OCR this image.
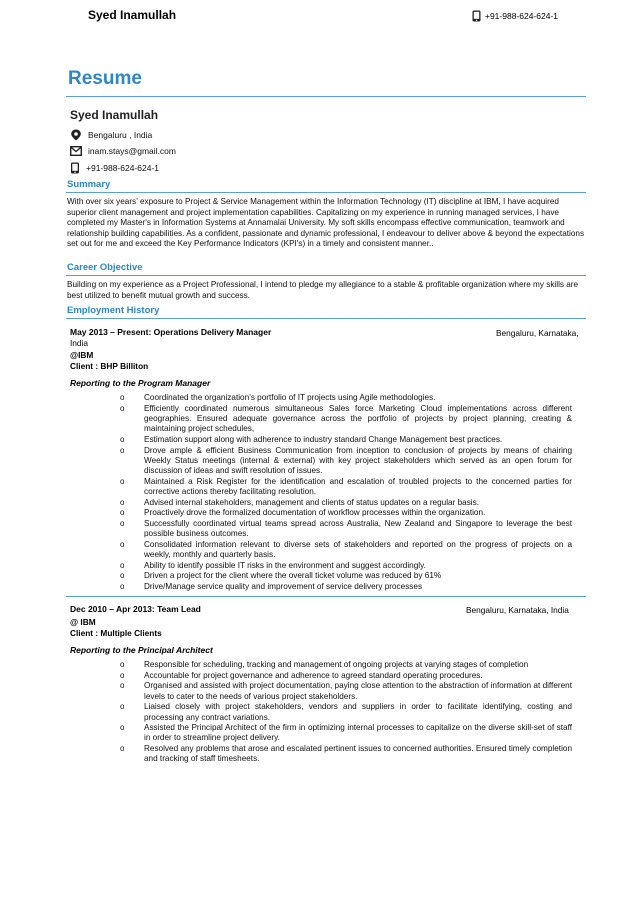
Syed Inamullah	+91-988-624-624-1
Resume
Syed Inamullah
Bengaluru , India
inam.stays@gmail.com
+91-988-624-624-1
Summary

With over six years’ exposure to Project & Service Management within the Information Technology (IT) discipline at IBM, I have acquired superior client management and project implementation capabilities. Capitalizing on my experience in running managed services, I have completed my Master's in Information Systems at Annamalai University. My soft skills encompass effective communication, teamwork and relationship building capabilities. As a confident, passionate and dynamic professional, I endeavour to deliver above & beyond the expectations set out for me and exceed the Key Performance Indicators (KPI's) in a timely and consistent manner..

Career Objective

Building on my experience as a Project Professional, I intend to pledge my allegiance to a stable & profitable organization where my skills are best utilized to benefit mutual growth and success.

Employment History
May 2013 – Present: Operations Delivery Manager	Bengaluru, Karnataka,
India
@IBM
Client : BHP Billiton
Reporting to the Program Manager
o Coordinated the organization’s portfolio of IT projects using Agile methodologies.
o Efficiently coordinated numerous simultaneous Sales force Marketing Cloud implementations across different geographies. Ensured adequate governance across the portfolio of projects by project planning, creating & maintaining project schedules,
o Estimation support along with adherence to industry standard Change Management best practices.
o Drove ample & efficient Business Communication from inception to conclusion of projects by means of chairing Weekly Status meetings (internal & external) with key project stakeholders which served as an open forum for discussion of ideas and swift resolution of issues.
o Maintained a Risk Register for the identification and escalation of troubled projects to the concerned parties for corrective actions thereby facilitating resolution.
o Advised internal stakeholders, management and clients of status updates on a regular basis.
o Proactively drove the formalized documentation of workflow processes within the organization.
o Successfully coordinated virtual teams spread across Australia, New Zealand and Singapore to leverage the best possible business outcomes.
o Consolidated information relevant to diverse sets of stakeholders and reported on the progress of projects on a weekly, monthly and quarterly basis.
o Ability to identify possible IT risks in the environment and suggest accordingly.
o Driven a project for the client where the overall ticket volume was reduced by 61%
o Drive/Manage service quality and improvement of service delivery processes
Dec 2010 – Apr 2013: Team Lead	Bengaluru, Karnataka, India
@ IBM
Client : Multiple Clients
Reporting to the Principal Architect
o Responsible for scheduling, tracking and management of ongoing projects at varying stages of completion
o Accountable for project governance and adherence to agreed standard operating procedures.
o Organised and assisted with project documentation, paying close attention to the abstraction of information at different levels to cater to the needs of various project stakeholders.
o Liaised closely with project stakeholders, vendors and suppliers in order to facilitate identifying, costing and processing any contract variations.
o Assisted the Principal Architect of the firm in optimizing internal processes to capitalize on the diverse skill-set of staff in order to streamline project delivery.
o Resolved any problems that arose and escalated pertinent issues to concerned authorities. Ensured timely completion and tracking of staff timesheets.
